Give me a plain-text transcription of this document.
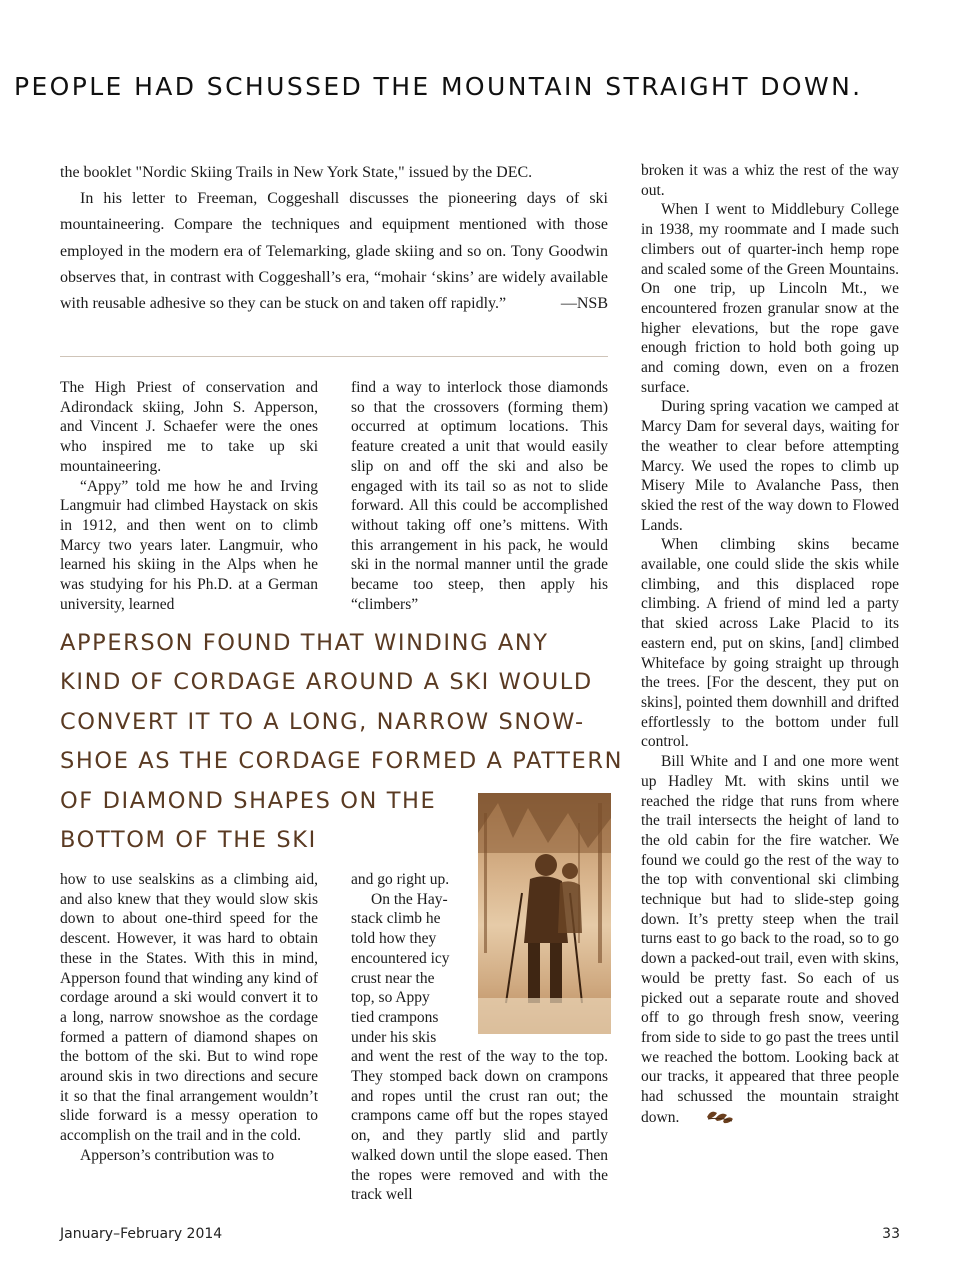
PEOPLE HAD SCHUSSED THE MOUNTAIN STRAIGHT DOWN.

the booklet "Nordic Skiing Trails in New York State," issued by the DEC.

In his letter to Freeman, Coggeshall discusses the pioneering days of ski mountaineering. Compare the techniques and equipment mentioned with those employed in the modern era of Telemarking, glade skiing and so on. Tony Goodwin observes that, in contrast with Coggeshall’s era, “mohair ‘skins’ are widely available with reusable adhesive so they can be stuck on and taken off rapidly.”	—NSB

The High Priest of conservation and Adirondack skiing, John S. Apperson, and Vincent J. Schaefer were the ones who inspired me to take up ski mountaineering.

“Appy” told me how he and Irving Langmuir had climbed Haystack on skis in 1912, and then went on to climb Marcy two years later. Langmuir, who learned his skiing in the Alps when he was studying for his Ph.D. at a German university, learned

find a way to interlock those diamonds so that the crossovers (forming them) occurred at optimum locations. This feature created a unit that would easily slip on and off the ski and also be engaged with its tail so as not to slide forward. All this could be accomplished without taking off one’s mittens. With this arrangement in his pack, he would ski in the normal manner until the grade became too steep, then apply his “climbers”

APPERSON FOUND THAT WINDING ANY
KIND OF CORDAGE AROUND A SKI WOULD
CONVERT IT TO A LONG, NARROW SNOW-
SHOE AS THE CORDAGE FORMED A PATTERN
OF DIAMOND SHAPES ON THE
BOTTOM OF THE SKI

how to use sealskins as a climbing aid, and also knew that they would slow skis down to about one-third speed for the descent. However, it was hard to obtain these in the States. With this in mind, Apperson found that winding any kind of cordage around a ski would convert it to a long, narrow snowshoe as the cordage formed a pattern of diamond shapes on the bottom of the ski. But to wind rope around skis in two directions and secure it so that the final arrangement wouldn’t slide forward is a messy operation to accomplish on the trail and in the cold.

Apperson’s contribution was to

and go right up.
On the Hay-
stack climb he
told how they
encountered icy
crust near the
top, so Appy
tied crampons
under his skis
and went the rest of the way to the top. They stomped back down on crampons and ropes until the crust ran out; the crampons came off but the ropes stayed on, and they partly slid and partly walked down until the slope eased. Then the ropes were removed and with the track well

broken it was a whiz the rest of the way out.

When I went to Middlebury College in 1938, my roommate and I made such climbers out of quarter-inch hemp rope and scaled some of the Green Mountains. On one trip, up Lincoln Mt., we encountered frozen granular snow at the higher elevations, but the rope gave enough friction to hold both going up and coming down, even on a frozen surface.

During spring vacation we camped at Marcy Dam for several days, waiting for the weather to clear before attempting Marcy. We used the ropes to climb up Misery Mile to Avalanche Pass, then skied the rest of the way down to Flowed Lands.

When climbing skins became available, one could slide the skis while climbing, and this displaced rope climbing. A friend of mind led a party that skied across Lake Placid to its eastern end, put on skins, [and] climbed Whiteface by going straight up through the trees. [For the descent, they put on skins], pointed them downhill and drifted effortlessly to the bottom under full control.

Bill White and I and one more went up Hadley Mt. with skins until we reached the ridge that runs from where the trail intersects the height of land to the old cabin for the fire watcher. We found we could go the rest of the way to the top with conventional ski climbing technique but had to slide-step going down. It’s pretty steep when the trail turns east to go back to the road, so to go down a packed-out trail, even with skins, would be pretty fast. So each of us picked out a separate route and shoved off to go through fresh snow, veering from side to side to go past the trees until we reached the bottom. Looking back at our tracks, it appeared that three people had schussed the mountain straight down.

January–February 2014	33
